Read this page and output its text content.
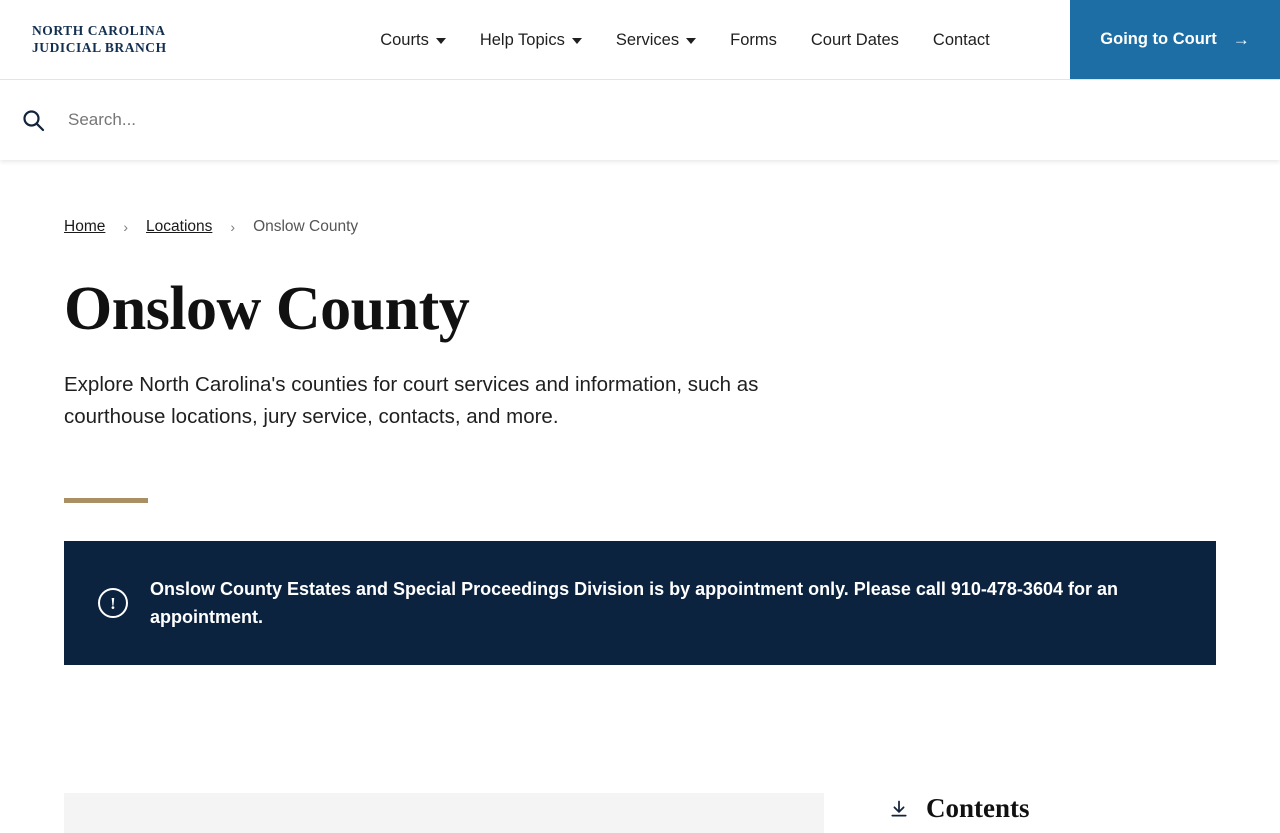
NORTH CAROLINA
JUDICIAL BRANCH	Courts	Help Topics	Services	Forms Court Dates Contact	Going to Court →
Search...
Home	›	Locations	›	Onslow County
Onslow County

Explore North Carolina's counties for court services and information, such as courthouse locations, jury service, contacts, and more.

!
Onslow County Estates and Special Proceedings Division is by appointment only. Please call 910-478-3604 for an appointment.
Contents
